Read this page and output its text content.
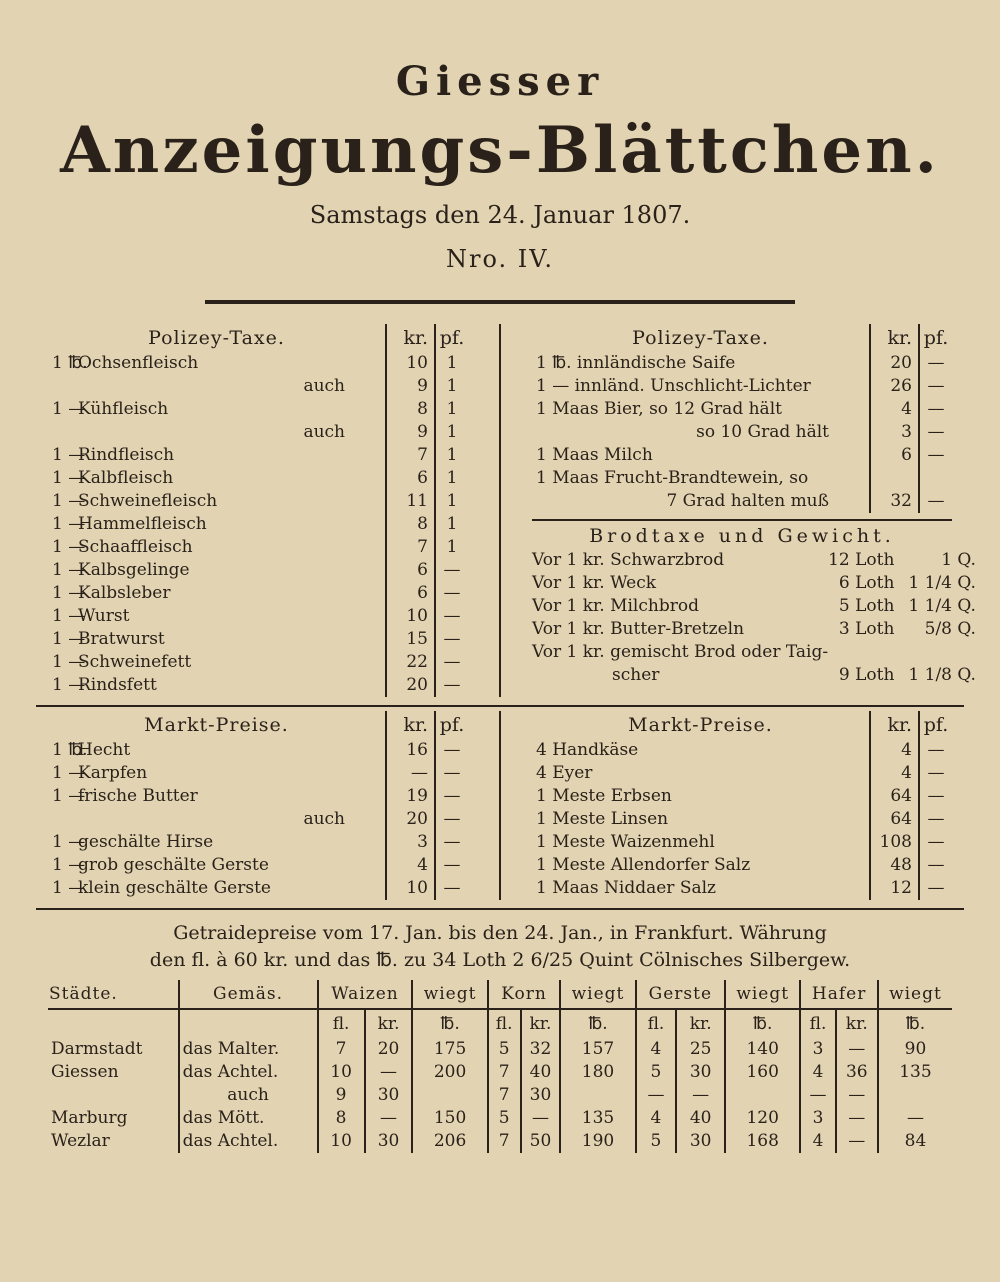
Giesser
Anzeigungs-Blättchen.
Samstags den 24. Januar 1807.
Nro. IV.
Polizey-Taxe.	kr.	pf.
1 ℔.Ochsenfleisch	10	1
auch	9	1
1 —Kühfleisch	8	1
auch	9	1
1 —Rindfleisch	7	1
1 —Kalbfleisch	6	1
1 —Schweinefleisch	11	1
1 —Hammelfleisch	8	1
1 —Schaaffleisch	7	1
1 —Kalbsgelinge	6	—
1 —Kalbsleber	6	—
1 —Wurst	10	—
1 —Bratwurst	15	—
1 —Schweinefett	22	—
1 —Rindsfett	20	—
Polizey-Taxe.	kr.	pf.
1 ℔. innländische Saife	20	—
1 — innländ. Unschlicht-Lichter	26	—
1 Maas Bier, so 12 Grad hält	4	—
so 10 Grad hält	3	—
1 Maas Milch	6	—
1 Maas Frucht-Brandtewein, so		
7 Grad halten muß	32	—
Brodtaxe und Gewicht.
Vor 1 kr. Schwarzbrod	12 Loth	1 Q.
Vor 1 kr. Weck	6 Loth	1 1/4 Q.
Vor 1 kr. Milchbrod	5 Loth	1 1/4 Q.
Vor 1 kr. Butter-Bretzeln	3 Loth	5/8 Q.
Vor 1 kr. gemischt Brod oder Taig-		
scher	9 Loth	1 1/8 Q.
Markt-Preise.	kr.	pf.
1 ℔.Hecht	16	—
1 —Karpfen	—	—
1 —frische Butter	19	—
auch	20	—
1 —geschälte Hirse	3	—
1 —grob geschälte Gerste	4	—
1 —klein geschälte Gerste	10	—
Markt-Preise.	kr.	pf.
4 Handkäse	4	—
4 Eyer	4	—
1 Meste Erbsen	64	—
1 Meste Linsen	64	—
1 Meste Waizenmehl	108	—
1 Meste Allendorfer Salz	48	—
1 Maas Niddaer Salz	12	—
Getraidepreise vom 17. Jan. bis den 24. Jan., in Frankfurt. Währung
den fl. à 60 kr. und das ℔. zu 34 Loth 2 6/25 Quint Cölnisches Silbergew.
Städte.	Gemäs.	Waizen		wiegt	Korn		wiegt	Gerste		wiegt	Hafer		wiegt
		fl.	kr.	℔.	fl.	kr.	℔.	fl.	kr.	℔.	fl.	kr.	℔.
Darmstadt	das Malter.	7	20	175	5	32	157	4	25	140	3	—	90
Giessen	das Achtel.	10	—	200	7	40	180	5	30	160	4	36	135
	auch	9	30		7	30		—	—		—	—	
Marburg	das Mött.	8	—	150	5	—	135	4	40	120	3	—	—
Wezlar	das Achtel.	10	30	206	7	50	190	5	30	168	4	—	84
